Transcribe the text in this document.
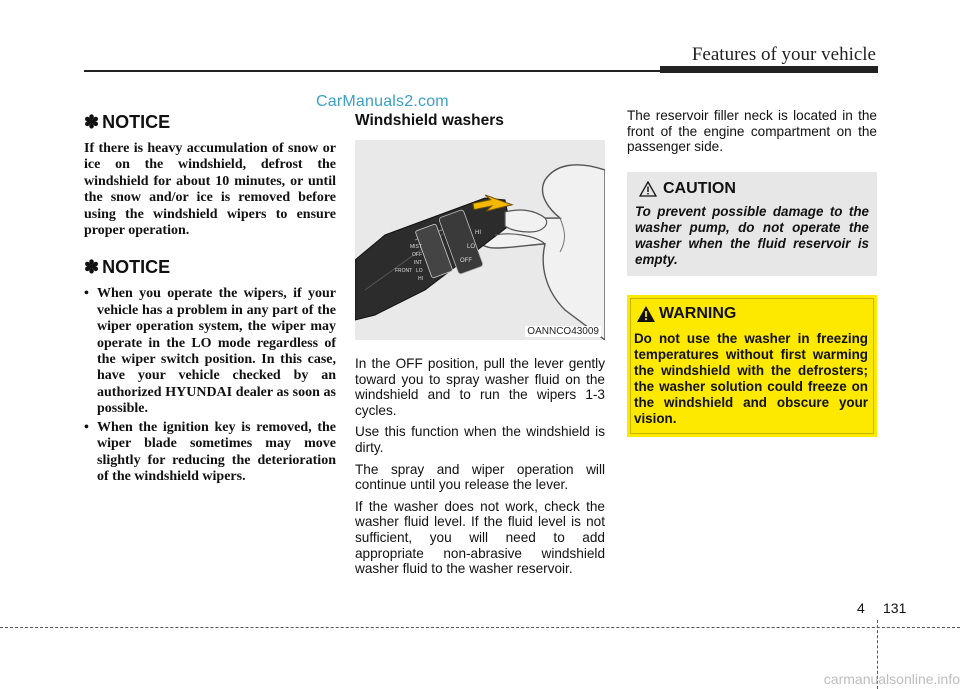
Features of your vehicle
CarManuals2.com
✽ NOTICE
If there is heavy accumulation of snow or ice on the windshield, defrost the windshield for about 10 minutes, or until the snow and/or ice is removed before using the windshield wipers to ensure proper operation.
✽ NOTICE
• When you operate the wipers, if your vehicle has a problem in any part of the wiper operation system, the wiper may operate in the LO mode regardless of the wiper switch position. In this case, have your vehicle checked by an authorized HYUNDAI dealer as soon as possible.
• When the ignition key is removed, the wiper blade sometimes may move slightly for reducing the deterioration of the windshield wipers.
Windshield washers
FRONT
MIST
OFF
INT
LO
HI
LO
HI
OFF
OANNCO43009

In the OFF position, pull the lever gently toward you to spray washer fluid on the windshield and to run the wipers 1-3 cycles.

Use this function when the windshield is dirty.

The spray and wiper operation will continue until you release the lever.

If the washer does not work, check the washer fluid level. If the fluid level is not sufficient, you will need to add appropriate non-abrasive windshield washer fluid to the washer reservoir.

The reservoir filler neck is located in the front of the engine compartment on the passenger side.

CAUTION
To prevent possible damage to the washer pump, do not operate the washer when the fluid reservoir is empty.
WARNING
Do not use the washer in freezing temperatures without first warming the windshield with the defrosters; the washer solution could freeze on the windshield and obscure your vision.
4 131
carmanualsonline.info
